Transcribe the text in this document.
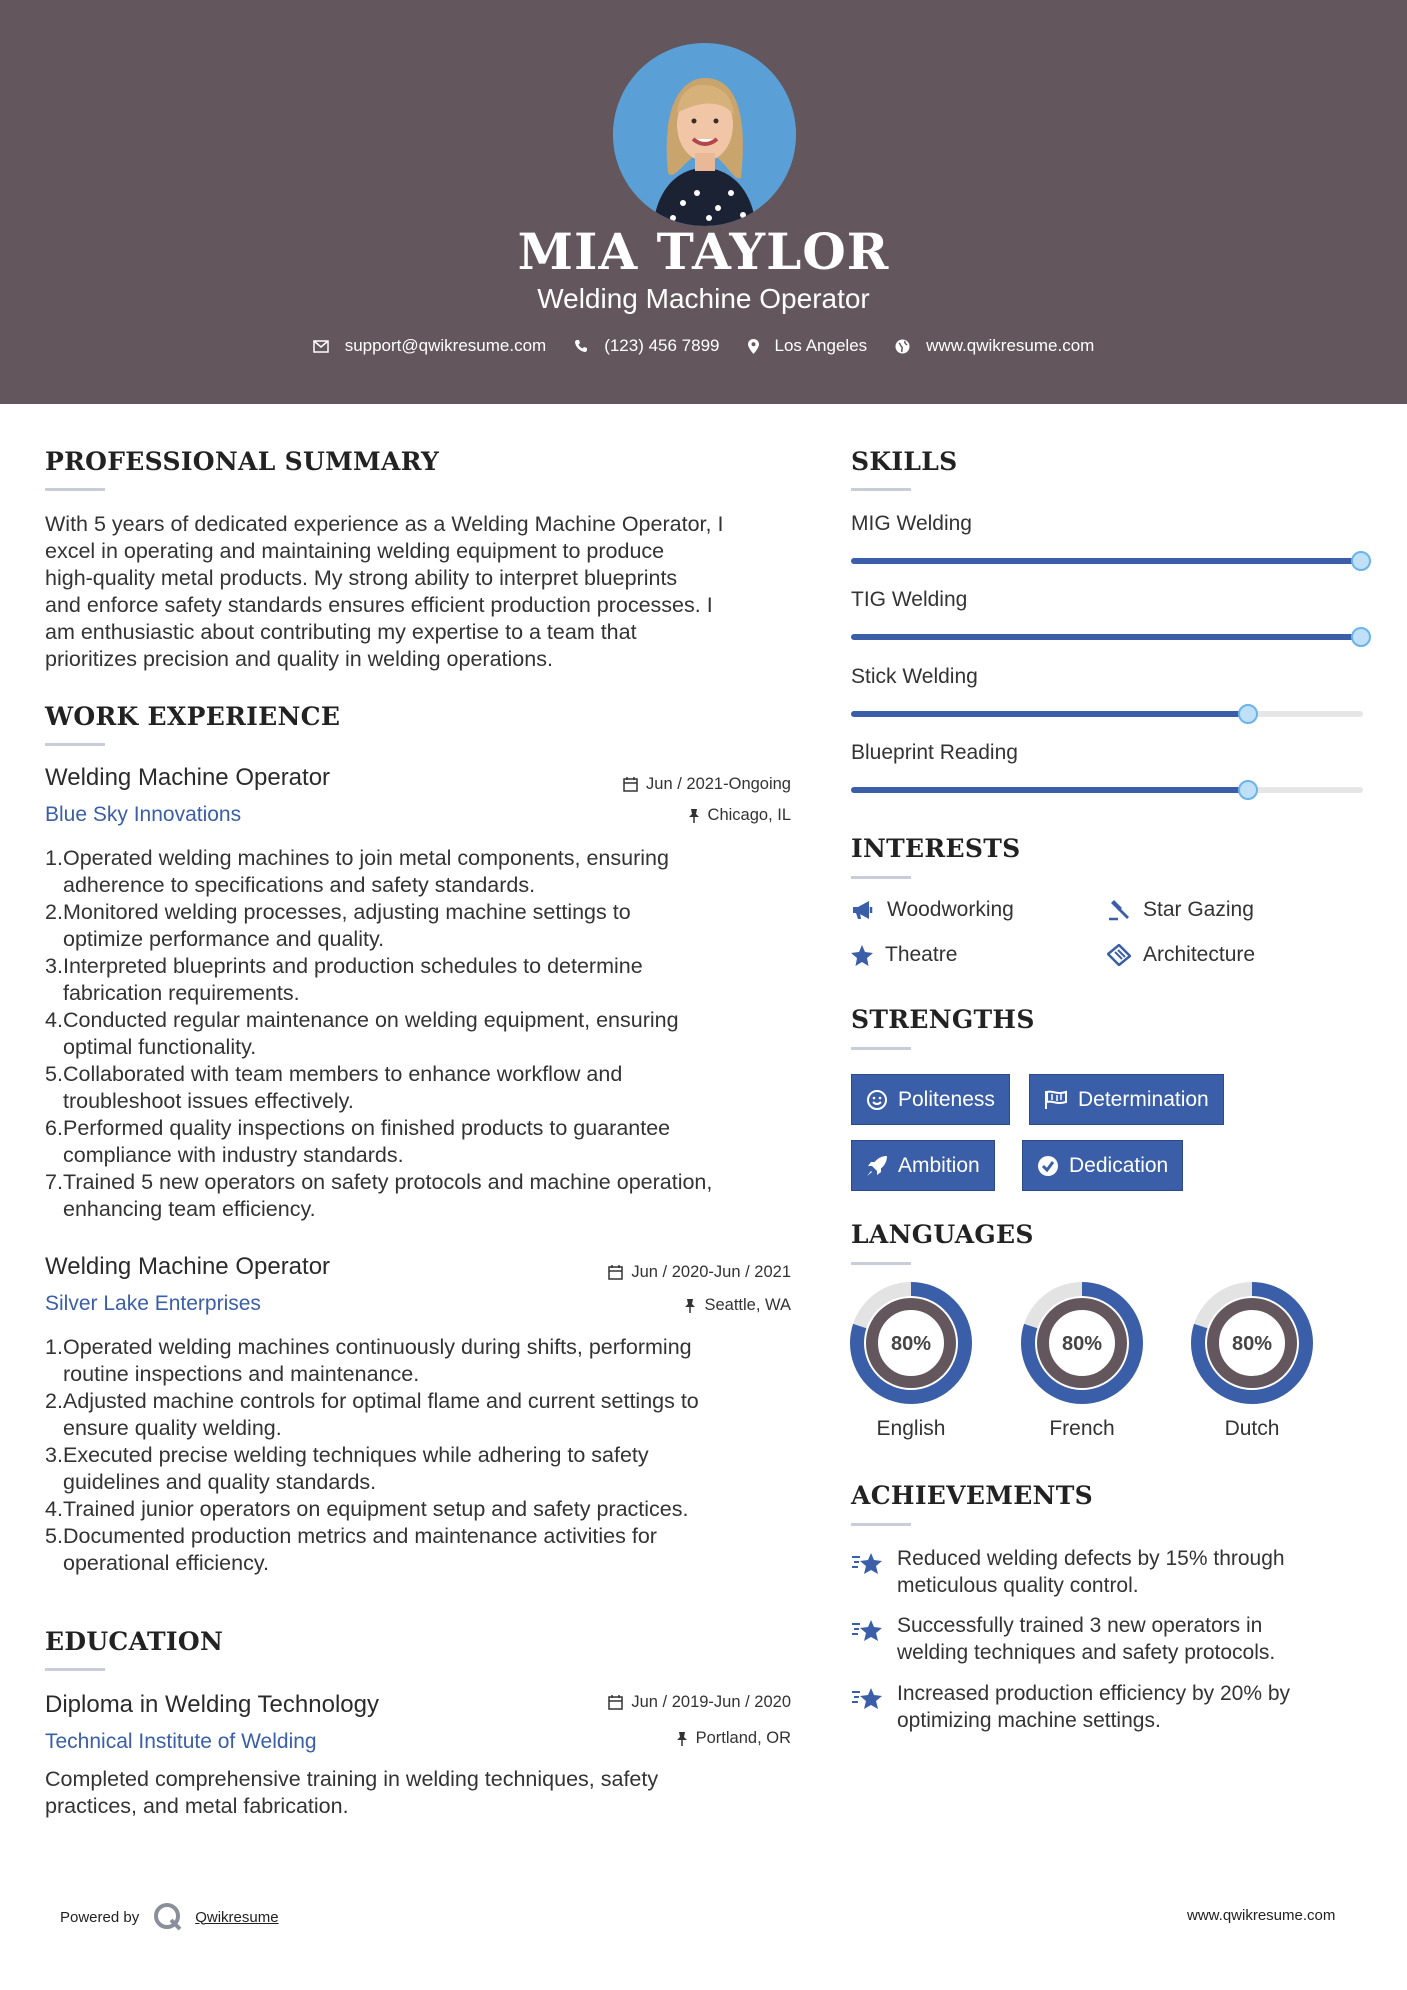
MIA TAYLOR
Welding Machine Operator
support@qwikresume.com	(123) 456 7899	Los Angeles	www.qwikresume.com
PROFESSIONAL SUMMARY
With 5 years of dedicated experience as a Welding Machine Operator, I
excel in operating and maintaining welding equipment to produce
high-quality metal products. My strong ability to interpret blueprints
and enforce safety standards ensures efficient production processes. I
am enthusiastic about contributing my expertise to a team that
prioritizes precision and quality in welding operations.
WORK EXPERIENCE
Welding Machine Operator
Blue Sky Innovations
Jun / 2021-Ongoing
Chicago, IL
1. Operated welding machines to join metal components, ensuring
adherence to specifications and safety standards.
2. Monitored welding processes, adjusting machine settings to
optimize performance and quality.
3. Interpreted blueprints and production schedules to determine
fabrication requirements.
4. Conducted regular maintenance on welding equipment, ensuring
optimal functionality.
5. Collaborated with team members to enhance workflow and
troubleshoot issues effectively.
6. Performed quality inspections on finished products to guarantee
compliance with industry standards.
7. Trained 5 new operators on safety protocols and machine operation,
enhancing team efficiency.
Welding Machine Operator
Silver Lake Enterprises
Jun / 2020-Jun / 2021
Seattle, WA
1. Operated welding machines continuously during shifts, performing
routine inspections and maintenance.
2. Adjusted machine controls for optimal flame and current settings to
ensure quality welding.
3. Executed precise welding techniques while adhering to safety
guidelines and quality standards.
4. Trained junior operators on equipment setup and safety practices.
5. Documented production metrics and maintenance activities for
operational efficiency.
EDUCATION
Diploma in Welding Technology
Technical Institute of Welding
Jun / 2019-Jun / 2020
Portland, OR
Completed comprehensive training in welding techniques, safety
practices, and metal fabrication.
SKILLS
MIG Welding
TIG Welding
Stick Welding
Blueprint Reading
INTERESTS
Woodworking	Star Gazing
Theatre	Architecture
STRENGTHS
Politeness	Determination
Ambition	Dedication
LANGUAGES
80%
English
80%
French
80%
Dutch
ACHIEVEMENTS
Reduced welding defects by 15% through
meticulous quality control.
Successfully trained 3 new operators in
welding techniques and safety protocols.
Increased production efficiency by 20% by
optimizing machine settings.
Powered by	Qwikresume	www.qwikresume.com
